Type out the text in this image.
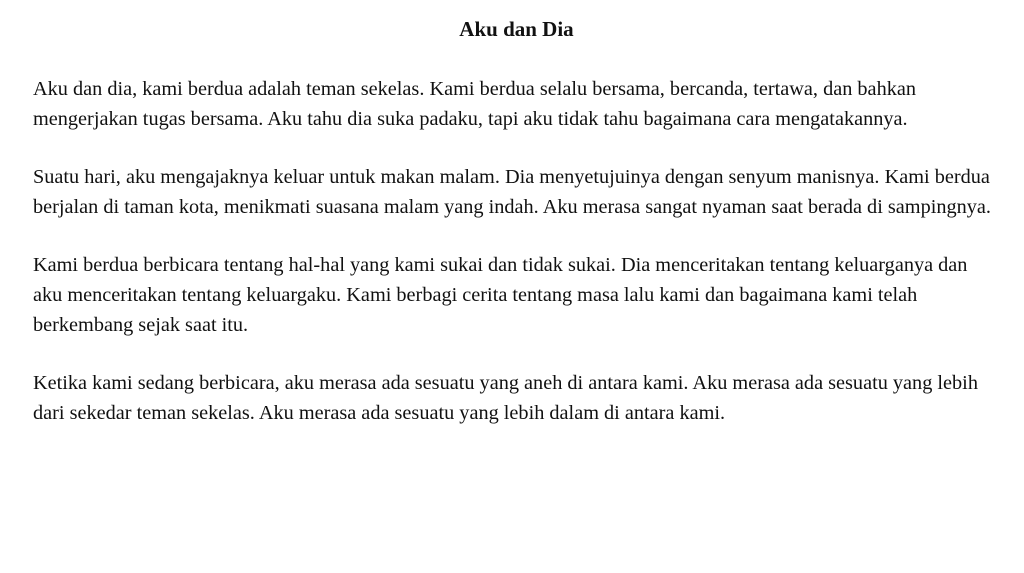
Aku dan Dia

Aku dan dia, kami berdua adalah teman sekelas. Kami berdua selalu bersama, bercanda, tertawa, dan bahkan mengerjakan tugas bersama. Aku tahu dia suka padaku, tapi aku tidak tahu bagaimana cara mengatakannya.

Suatu hari, aku mengajaknya keluar untuk makan malam. Dia menyetujuinya dengan senyum manisnya. Kami berdua berjalan di taman kota, menikmati suasana malam yang indah. Aku merasa sangat nyaman saat berada di sampingnya.

Kami berdua berbicara tentang hal-hal yang kami sukai dan tidak sukai. Dia menceritakan tentang keluarganya dan aku menceritakan tentang keluargaku. Kami berbagi cerita tentang masa lalu kami dan bagaimana kami telah berkembang sejak saat itu.

Ketika kami sedang berbicara, aku merasa ada sesuatu yang aneh di antara kami. Aku merasa ada sesuatu yang lebih dari sekedar teman sekelas. Aku merasa ada sesuatu yang lebih dalam di antara kami.
